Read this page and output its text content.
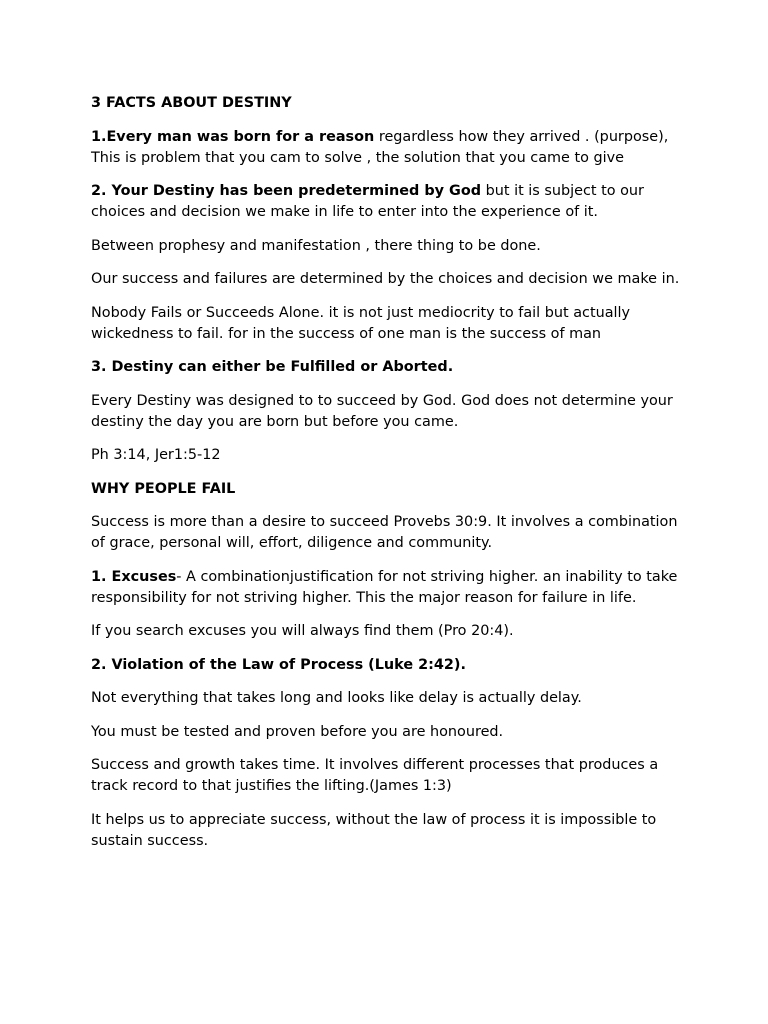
3 FACTS ABOUT DESTINY

1.Every man was born for a reason regardless how they arrived . (purpose), This is problem that you cam to solve , the solution that you came to give

2. Your Destiny has been predetermined by God but it is subject to our choices and decision we make in life to enter into the experience of it.

Between prophesy and manifestation , there thing to be done.

Our success and failures are determined by the choices and decision we make in.

Nobody Fails or Succeeds Alone. it is not just mediocrity to fail but actually wickedness to fail. for in the success of one man is the success of man

3. Destiny can either be Fulfilled or Aborted.

Every Destiny was designed to to succeed by God. God does not determine your destiny the day you are born but before you came.

Ph 3:14, Jer1:5-12

WHY PEOPLE FAIL

Success is more than a desire to succeed Provebs 30:9. It involves a combination of grace, personal will, effort, diligence and community.

1. Excuses- A combinationjustification for not striving higher. an inability to take responsibility for not striving higher. This the major reason for failure in life.

If you search excuses you will always find them (Pro 20:4).

2. Violation of the Law of Process (Luke 2:42).

Not everything that takes long and looks like delay is actually delay.

You must be tested and proven before you are honoured.

Success and growth takes time. It involves different processes that produces a track record to that justifies the lifting.(James 1:3)

It helps us to appreciate success, without the law of process it is impossible to sustain success.
